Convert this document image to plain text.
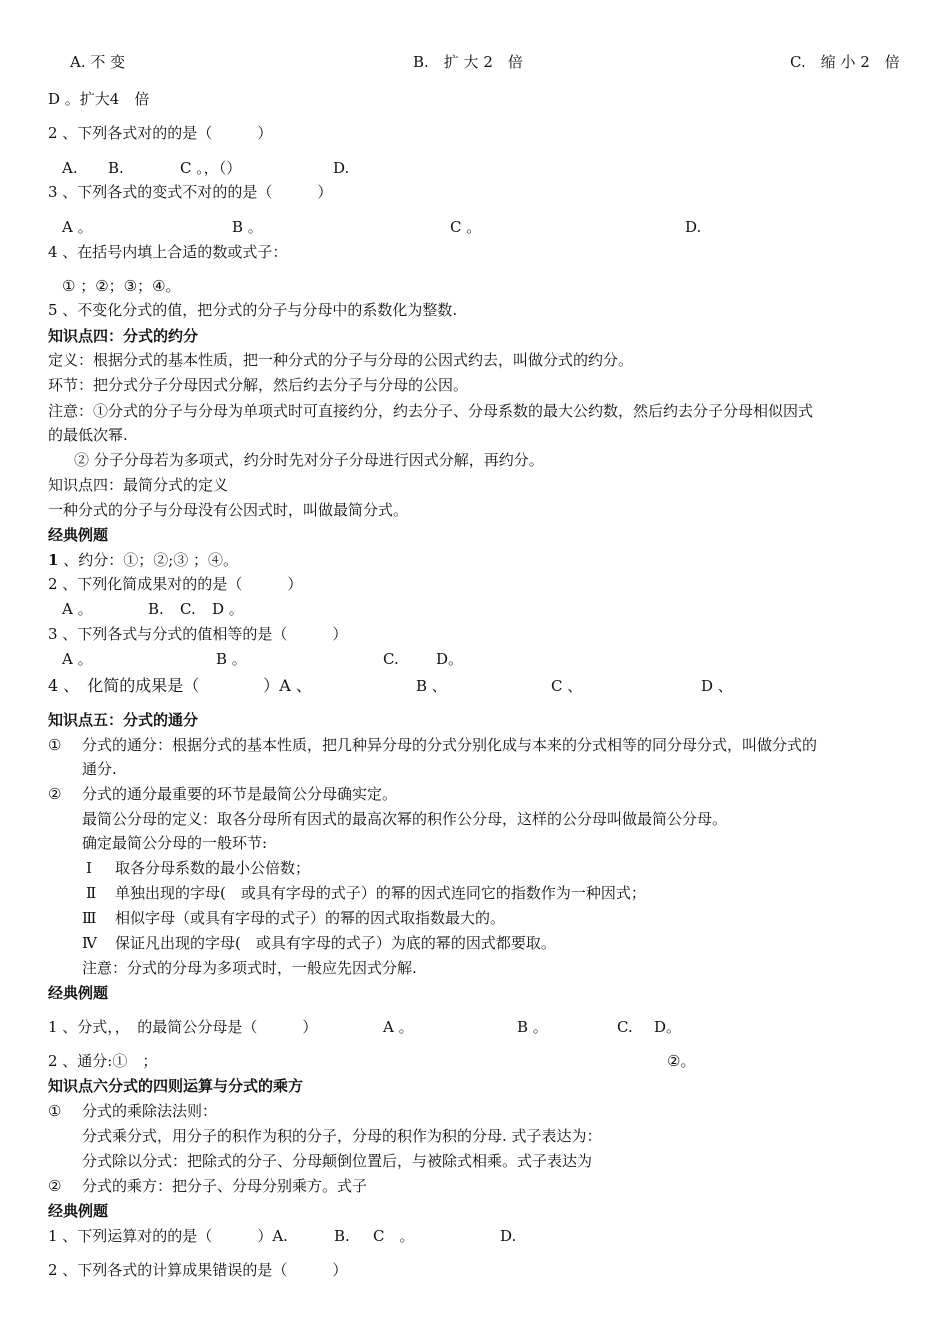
A. 不 变	B.　扩 大 2　倍	C.　缩 小 2　倍
D 。扩大4　倍
2 、下列各式对的的是（　　　）
A. B.	C 。，（）	D.
3 、下列各式的变式不对的的是（　　　）
A 。	B 。	C 。	D.
4 、在括号内填上合适的数或式子：
① ；②；③；④。
5 、不变化分式的值，把分式的分子与分母中的系数化为整数.
知识点四：分式的约分
定义：根据分式的基本性质，把一种分式的分子与分母的公因式约去，叫做分式的约分。
环节：把分式分子分母因式分解，然后约去分子与分母的公因。
注意：①分式的分子与分母为单项式时可直接约分，约去分子、分母系数的最大公约数，然后约去分子分母相似因式
的最低次幂.
② 分子分母若为多项式，约分时先对分子分母进行因式分解，再约分。
知识点四：最简分式的定义
一种分式的分子与分母没有公因式时，叫做最简分式。
经典例题
1 、约分：①；②;③ ；④。
2 、下列化简成果对的的是（　　　）
A 。	B. C. D 。
3 、下列各式与分式的值相等的是（　　　）
A 。	B 。	C. D。
4 、　化简的成果是（　　　　）A 、	B 、	C 、	D 、
知识点五：分式的通分
① 分式的通分：根据分式的基本性质，把几种异分母的分式分别化成与本来的分式相等的同分母分式，叫做分式的
通分.
② 分式的通分最重要的环节是最简公分母确实定。
最简公分母的定义：取各分母所有因式的最高次幂的积作公分母，这样的公分母叫做最简公分母。
确定最简公分母的一般环节:
Ⅰ 取各分母系数的最小公倍数；
Ⅱ 单独出现的字母(　或具有字母的式子）的幂的因式连同它的指数作为一种因式；
Ⅲ 相似字母（或具有字母的式子）的幂的因式取指数最大的。
Ⅳ 保证凡出现的字母(　或具有字母的式子）为底的幂的因式都要取。
注意：分式的分母为多项式时，一般应先因式分解.
经典例题
1 、分式，，　的最简公分母是（　　　）	A 。	B 。	C. D。
2 、通分:①　；	②。
知识点六分式的四则运算与分式的乘方
① 分式的乘除法法则：
分式乘分式，用分子的积作为积的分子，分母的积作为积的分母. 式子表达为：
分式除以分式：把除式的分子、分母颠倒位置后，与被除式相乘。式子表达为
② 分式的乘方：把分子、分母分别乘方。式子
经典例题
1 、下列运算对的的是（　　　）A.	B. C　。	D.
2 、下列各式的计算成果错误的是（　　　）
